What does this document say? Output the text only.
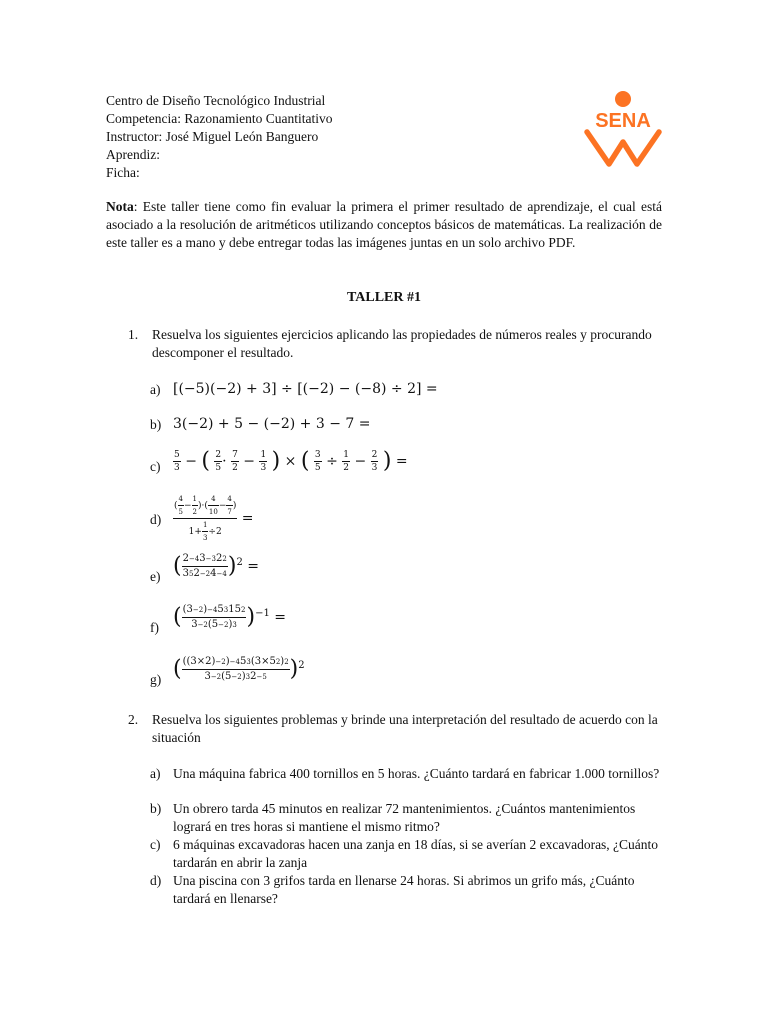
Centro de Diseño Tecnológico Industrial
Competencia: Razonamiento Cuantitativo
Instructor: José Miguel León Banguero
Aprendiz:
Ficha:
SENA
Nota: Este taller tiene como fin evaluar la primera el primer resultado de aprendizaje, el cual está asociado a la resolución de aritméticos utilizando conceptos básicos de matemáticas. La realización de este taller es a mano y debe entregar todas las imágenes juntas en un solo archivo PDF.
TALLER #1
1. Resuelva los siguientes ejercicios aplicando las propiedades de números reales y procurando descomponer el resultado.
a) [(−5)(−2) + 3] ÷ [(−2) − (−8) ÷ 2] =
b) 3(−2) + 5 − (−2) + 3 − 7 =
$c) \frac{5}{3}$ − ( $\frac{2}{5} \cdot \frac{7}{2} - \frac{1}{3}$ ) × ( $\frac{3}{5} \div \frac{1}{2} - \frac{2}{3}$ ) =
$d) \frac{( \frac{4}{5} - \frac{1}{2} )\cdot( \frac{4}{10} - \frac{4}{7} )}{1+ \frac{1}{3} \div 2}$ =
e) ( $\frac{2-43-322}{352-24-4} )^2$ =
f) ( $\frac{(3-2)-453152}{3-2(5-2)3} )^{-1}$ =
g) ( $\frac{((3\times 2)-2)-453(3\times 52)2}{3-2(5-2)32-5} )^2$
2. Resuelva los siguientes problemas y brinde una interpretación del resultado de acuerdo con la situación
a) Una máquina fabrica 400 tornillos en 5 horas. ¿Cuánto tardará en fabricar 1.000 tornillos?
b) Un obrero tarda 45 minutos en realizar 72 mantenimientos. ¿Cuántos mantenimientos logrará en tres horas si mantiene el mismo ritmo?
c) 6 máquinas excavadoras hacen una zanja en 18 días, si se averían 2 excavadoras, ¿Cuánto tardarán en abrir la zanja
d) Una piscina con 3 grifos tarda en llenarse 24 horas. Si abrimos un grifo más, ¿Cuánto tardará en llenarse?
